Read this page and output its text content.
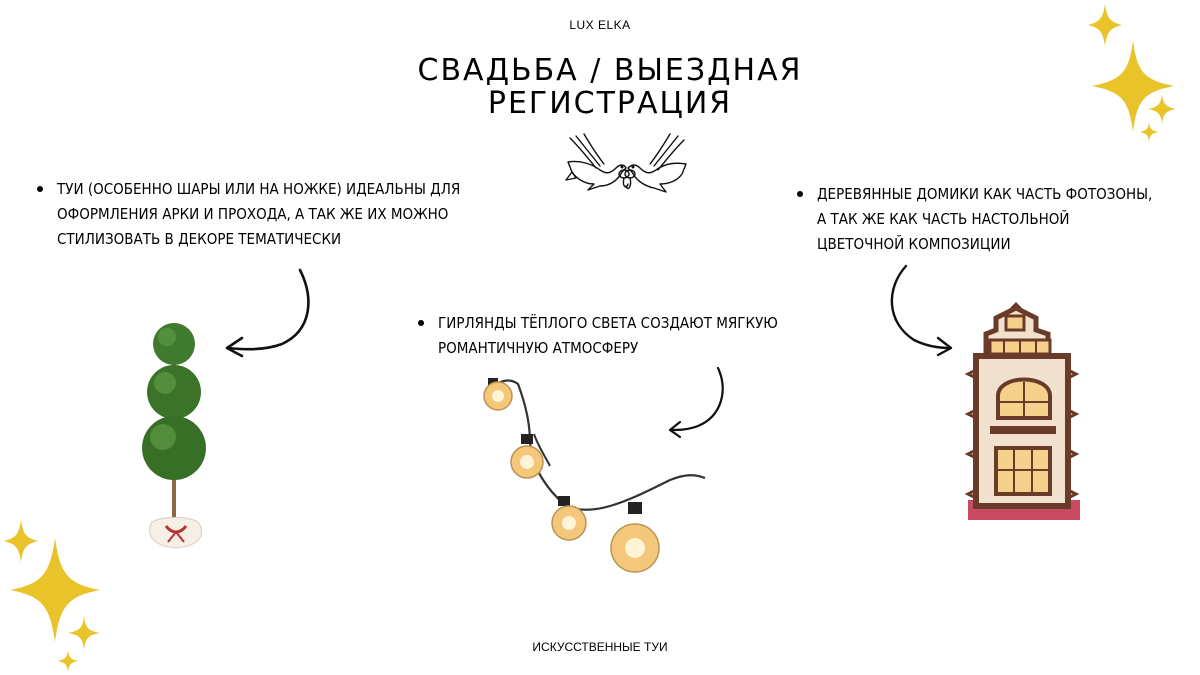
LUX ELKA
СВАДЬБА / ВЫЕЗДНАЯ
РЕГИСТРАЦИЯ
ТУИ (ОСОБЕННО ШАРЫ ИЛИ НА НОЖКЕ) ИДЕАЛЬНЫ ДЛЯ ОФОРМЛЕНИЯ АРКИ И ПРОХОДА, А ТАК ЖЕ ИХ МОЖНО СТИЛИЗОВАТЬ В ДЕКОРЕ ТЕМАТИЧЕСКИ
ГИРЛЯНДЫ ТЁПЛОГО СВЕТА СОЗДАЮТ МЯГКУЮ РОМАНТИЧНУЮ АТМОСФЕРУ
ДЕРЕВЯННЫЕ ДОМИКИ КАК ЧАСТЬ ФОТОЗОНЫ, А ТАК ЖЕ КАК ЧАСТЬ НАСТОЛЬНОЙ ЦВЕТОЧНОЙ КОМПОЗИЦИИ
ИСКУССТВЕННЫЕ ТУИ
